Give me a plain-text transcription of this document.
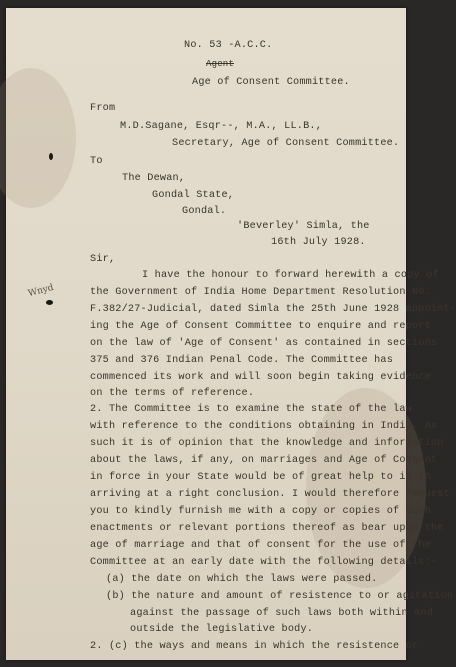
No. 53 -A.C.C.
Agent
Age of Consent Committee.
From
M.D.Sagane, Esqr--, M.A., LL.B.,
Secretary, Age of Consent Committee.
To
The Dewan,
Gondal State,
Gondal.
'Beverley' Simla, the
16th July 1928.
Sir,
Wnyd
I have the honour to forward herewith a copy of
the Government of India Home Department Resolution No.
F.382/27-Judicial, dated Simla the 25th June 1928 appoint-
ing the Age of Consent Committee to enquire and report
on the law of 'Age of Consent' as contained in sections
375 and 376 Indian Penal Code. The Committee has
commenced its work and will soon begin taking evidence
on the terms of reference.
2. The Committee is to examine the state of the law
with reference to the conditions obtaining in India. As
such it is of opinion that the knowledge and information
about the laws, if any, on marriages and Age of Consent
in force in your State would be of great help to it in
arriving at a right conclusion. I would therefore request
you to kindly furnish me with a copy or copies of such
enactments or relevant portions thereof as bear upon the
age of marriage and that of consent for the use of the
Committee at an early date with the following details:-
(a) the date on which the laws were passed.
(b) the nature and amount of resistence to or agitation
against the passage of such laws both within and
outside the legislative body.
2. (c) the ways and means in which the resistence or
